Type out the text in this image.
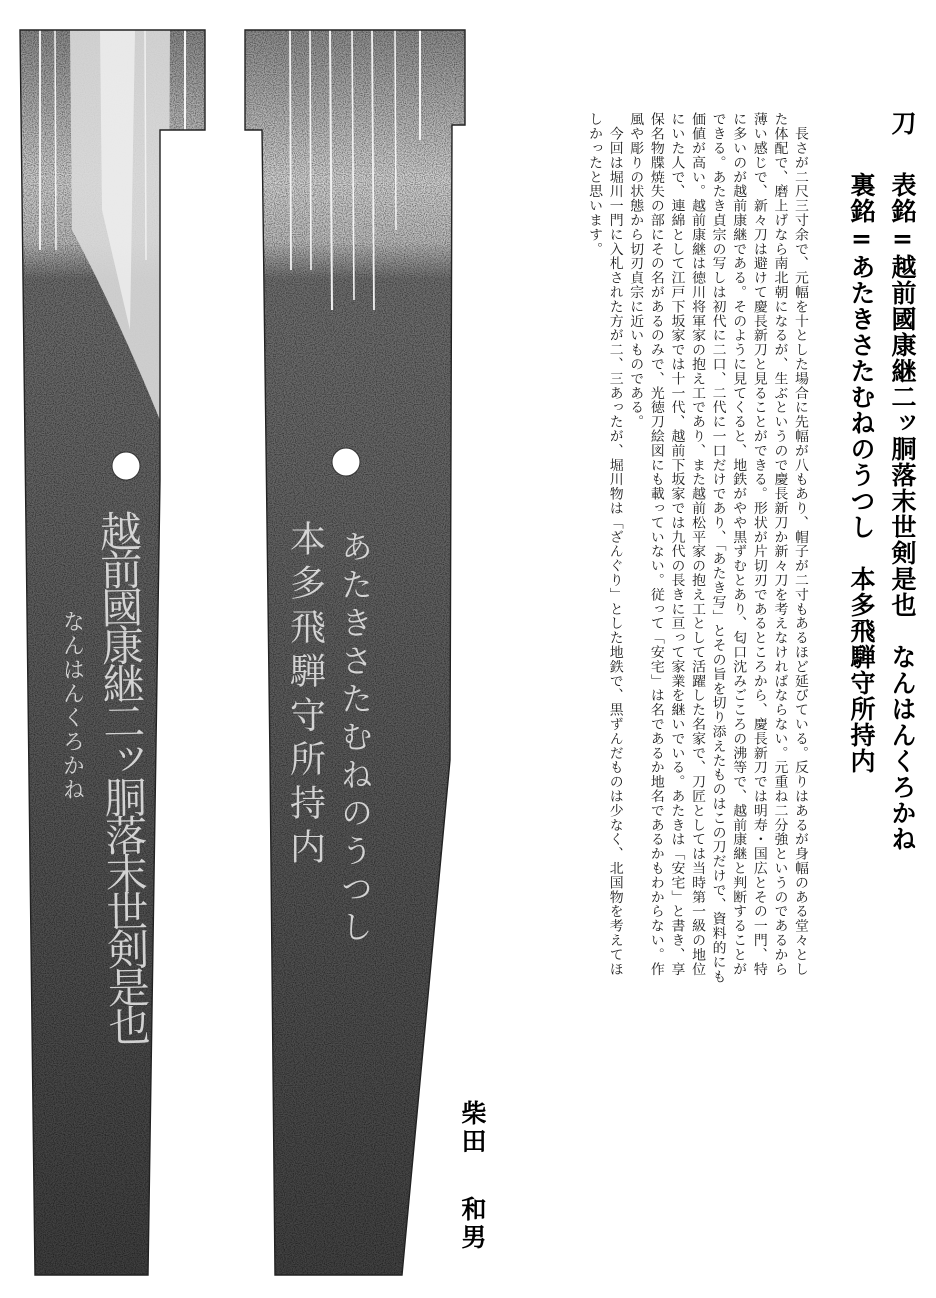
越前國康継二ッ胴落末世剣是也
なんはんくろかね	あたきさたむねのうつし
本多飛騨守所持内
刀
表銘=越前國康継二ッ胴落末世剣是也　なんはんくろかね
裏銘=あたきさたむねのうつし　本多飛騨守所持内
　長さが二尺三寸余で、元幅を十とした場合に先幅が八もあり、帽子が二寸もあるほど延びている。反りはあるが身幅のある堂々とし
た体配で、磨上げなら南北朝になるが、生ぶというので慶長新刀か新々刀を考えなければならない。元重ね二分強というのであるから
薄い感じで、新々刀は避けて慶長新刀と見ることができる。形状が片切刃であるところから、慶長新刀では明寿・国広とその一門、特
に多いのが越前康継である。そのように見てくると、地鉄がやや黒ずむとあり、匂口沈みごころの沸等で、越前康継と判断することが
できる。あたき貞宗の写しは初代に二口、二代に一口だけであり、「あたき写」とその旨を切り添えたものはこの刀だけで、資料的にも
価値が高い。越前康継は徳川将軍家の抱え工であり、また越前松平家の抱え工として活躍した名家で、刀匠としては当時第一級の地位
にいた人で、連綿として江戸下坂家では十一代、越前下坂家では九代の長きに亘って家業を継いでいる。あたきは「安宅」と書き、享
保名物牒焼失の部にその名があるのみで、光徳刀絵図にも載っていない。従って「安宅」は名であるか地名であるかもわからない。作
風や彫りの状態から切刃貞宗に近いものである。
　今回は堀川一門に入札された方が二、三あったが、堀川物は「ざんぐり」とした地鉄で、黒ずんだものは少なく、北国物を考えてほ
しかったと思います。
柴田
和男
